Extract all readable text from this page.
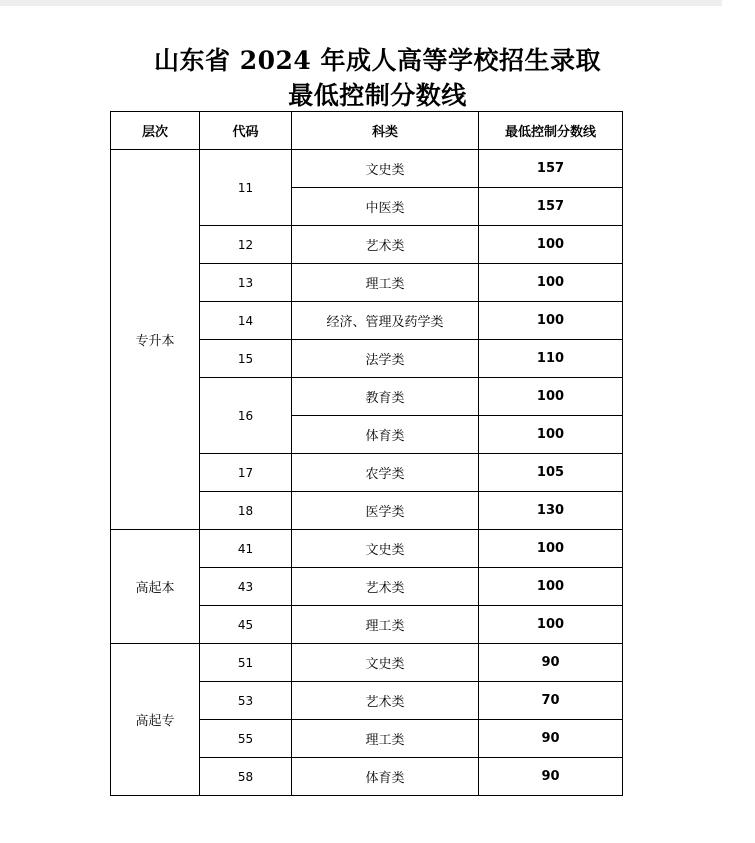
山东省 2024 年成人高等学校招生录取
最低控制分数线
层次	代码	科类	最低控制分数线
专升本	11	文史类	157
		中医类	157
	12	艺术类	100
	13	理工类	100
	14	经济、管理及药学类	100
	15	法学类	110
	16	教育类	100
		体育类	100
	17	农学类	105
	18	医学类	130
高起本	41	文史类	100
	43	艺术类	100
	45	理工类	100
高起专	51	文史类	90
	53	艺术类	70
	55	理工类	90
	58	体育类	90
